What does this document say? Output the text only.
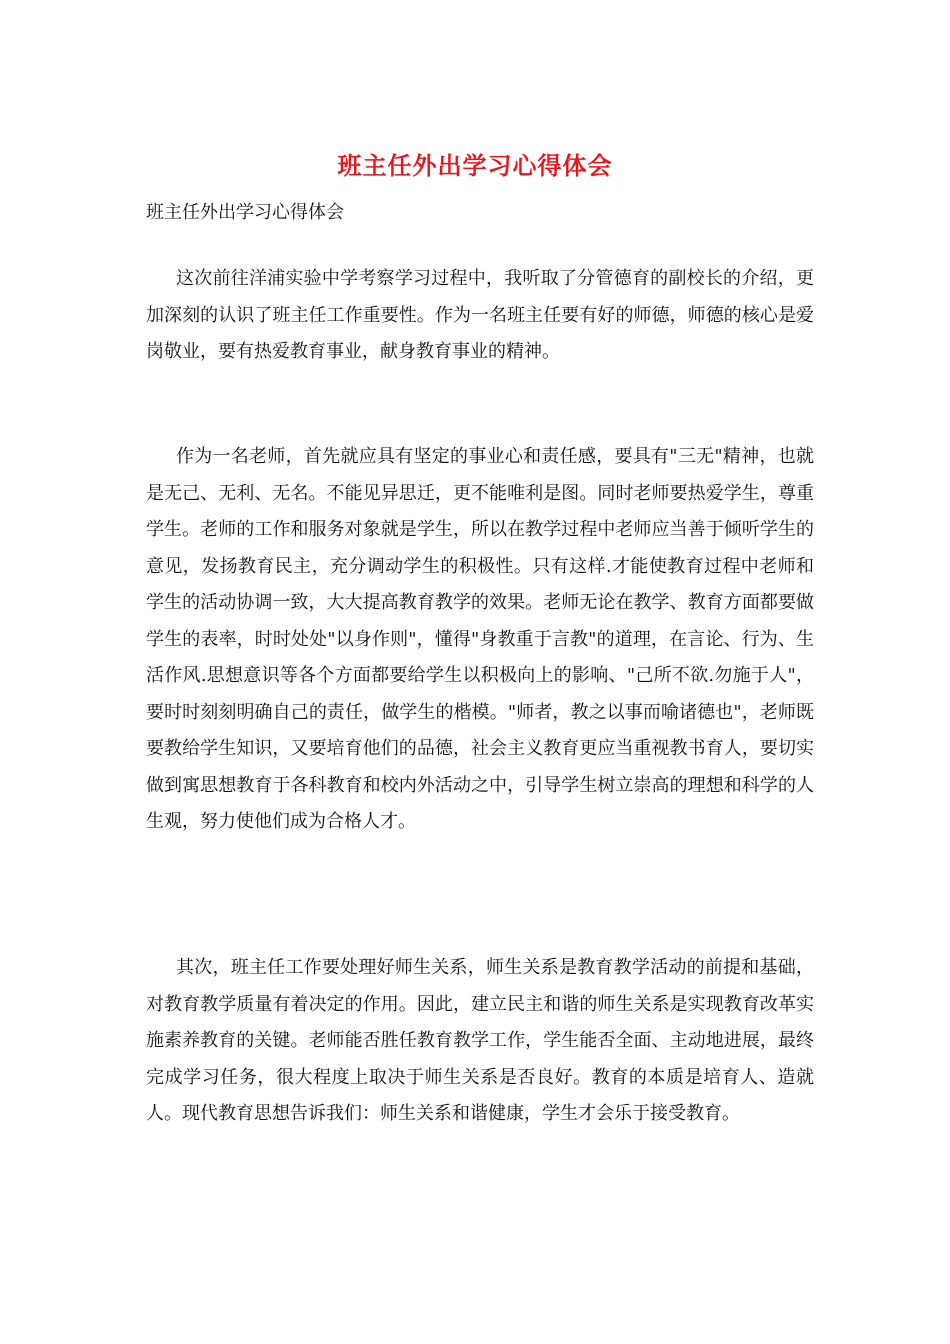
班主任外出学习心得体会

班主任外出学习心得体会

这次前往洋浦实验中学考察学习过程中，我听取了分管德育的副校长的介绍，更加深刻的认识了班主任工作重要性。作为一名班主任要有好的师德，师德的核心是爱岗敬业，要有热爱教育事业，献身教育事业的精神。

作为一名老师，首先就应具有坚定的事业心和责任感，要具有"三无"精神，也就是无己、无利、无名。不能见异思迁，更不能唯利是图。同时老师要热爱学生，尊重学生。老师的工作和服务对象就是学生，所以在教学过程中老师应当善于倾听学生的意见，发扬教育民主，充分调动学生的积极性。只有这样.才能使教育过程中老师和学生的活动协调一致，大大提高教育教学的效果。老师无论在教学、教育方面都要做学生的表率，时时处处"以身作则"，懂得"身教重于言教"的道理，在言论、行为、生活作风.思想意识等各个方面都要给学生以积极向上的影响、"己所不欲.勿施于人"，要时时刻刻明确自己的责任，做学生的楷模。"师者，教之以事而喻诸德也"，老师既要教给学生知识，又要培育他们的品德，社会主义教育更应当重视教书育人，要切实做到寓思想教育于各科教育和校内外活动之中，引导学生树立崇高的理想和科学的人生观，努力使他们成为合格人才。

其次，班主任工作要处理好师生关系，师生关系是教育教学活动的前提和基础，对教育教学质量有着决定的作用。因此，建立民主和谐的师生关系是实现教育改革实施素养教育的关键。老师能否胜任教育教学工作，学生能否全面、主动地进展，最终完成学习任务，很大程度上取决于师生关系是否良好。教育的本质是培育人、造就人。现代教育思想告诉我们：师生关系和谐健康，学生才会乐于接受教育。
